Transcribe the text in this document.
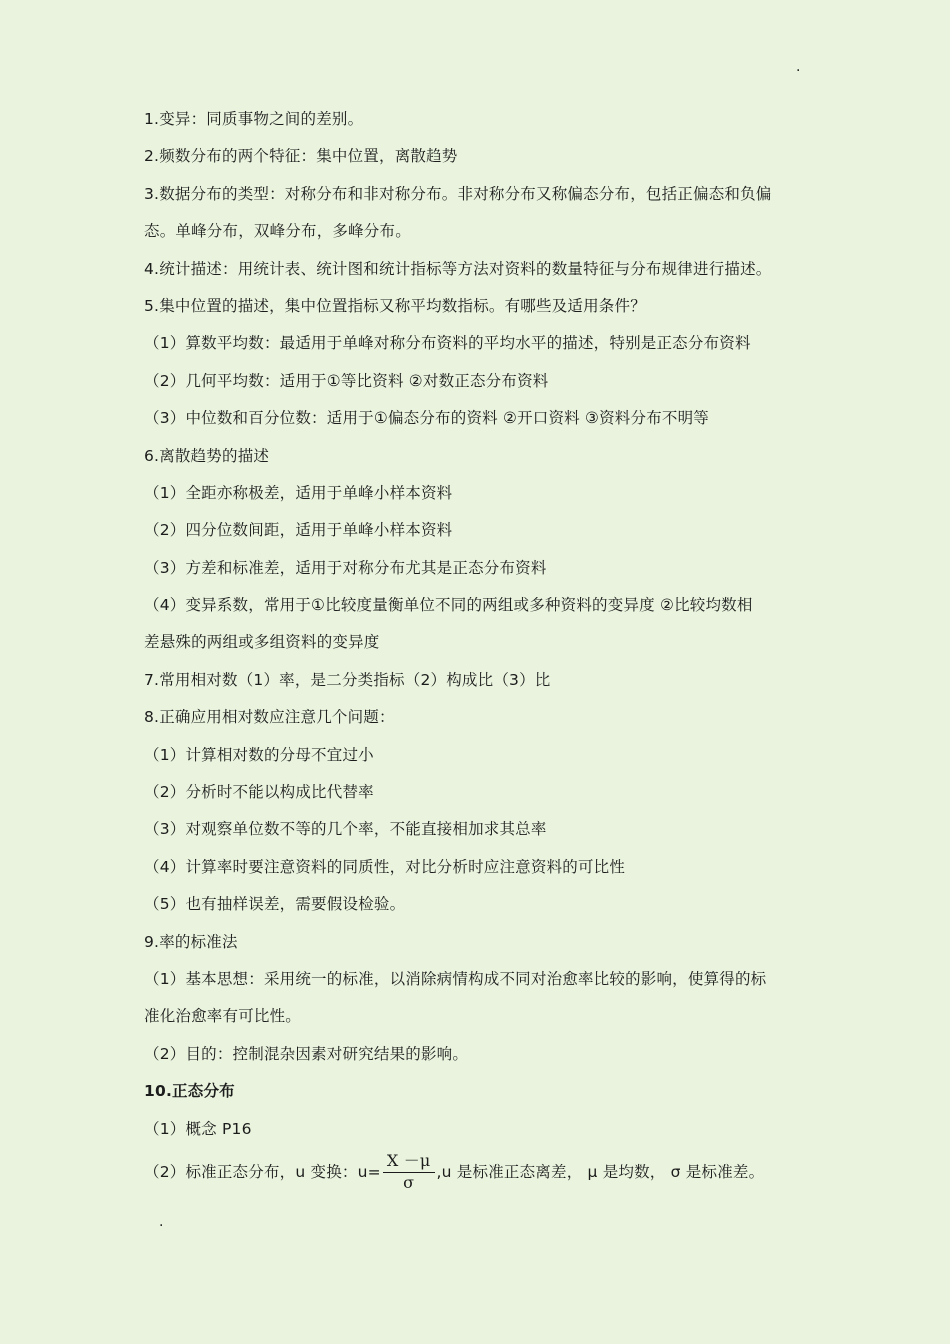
.
1.变异：同质事物之间的差别。
2.频数分布的两个特征：集中位置，离散趋势
3.数据分布的类型：对称分布和非对称分布。非对称分布又称偏态分布，包括正偏态和负偏
态。单峰分布，双峰分布，多峰分布。
4.统计描述：用统计表、统计图和统计指标等方法对资料的数量特征与分布规律进行描述。
5.集中位置的描述，集中位置指标又称平均数指标。有哪些及适用条件？
（1）算数平均数：最适用于单峰对称分布资料的平均水平的描述，特别是正态分布资料
（2）几何平均数：适用于①等比资料 ②对数正态分布资料
（3）中位数和百分位数：适用于①偏态分布的资料 ②开口资料 ③资料分布不明等
6.离散趋势的描述
（1）全距亦称极差，适用于单峰小样本资料
（2）四分位数间距，适用于单峰小样本资料
（3）方差和标准差，适用于对称分布尤其是正态分布资料
（4）变异系数，常用于①比较度量衡单位不同的两组或多种资料的变异度 ②比较均数相
差悬殊的两组或多组资料的变异度
7.常用相对数（1）率，是二分类指标（2）构成比（3）比
8.正确应用相对数应注意几个问题：
（1）计算相对数的分母不宜过小
（2）分析时不能以构成比代替率
（3）对观察单位数不等的几个率，不能直接相加求其总率
（4）计算率时要注意资料的同质性，对比分析时应注意资料的可比性
（5）也有抽样误差，需要假设检验。
9.率的标准法
（1）基本思想：采用统一的标准，以消除病情构成不同对治愈率比较的影响，使算得的标
准化治愈率有可比性。
（2）目的：控制混杂因素对研究结果的影响。
10.正态分布
（1）概念 P16
（2）标准正态分布，u 变换：$u= \frac{X -\mu}{\sigma} ,u$ 是标准正态离差， μ 是均数， σ 是标准差。
.
